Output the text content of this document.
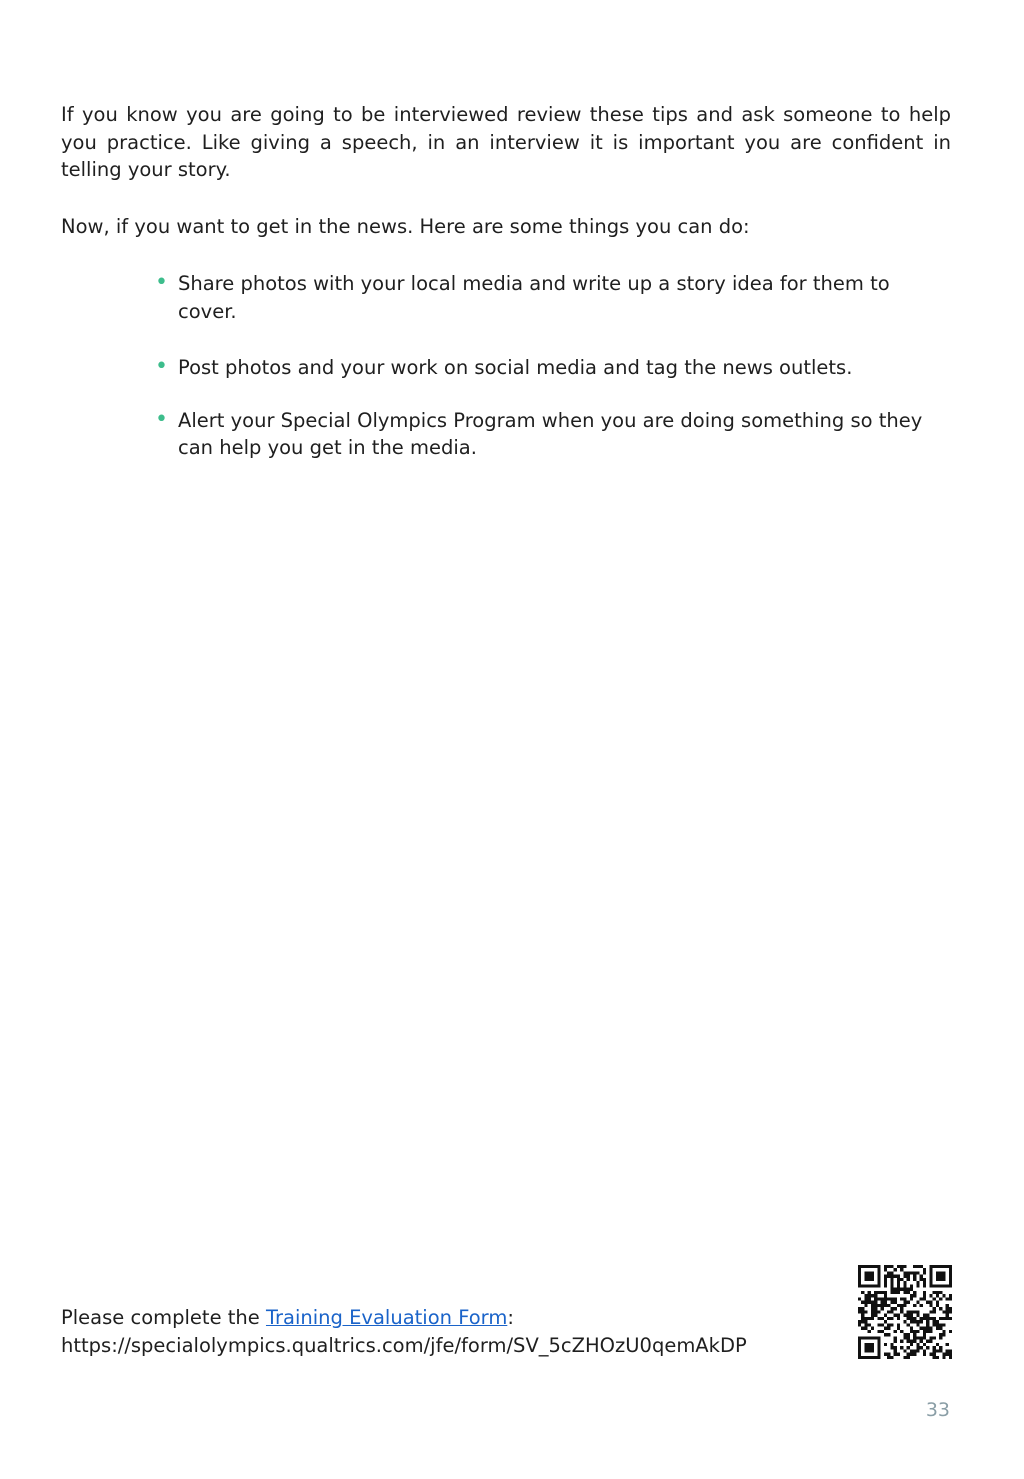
If you know you are going to be interviewed review these tips and ask someone to help you practice. Like giving a speech, in an interview it is important you are confident in telling your story.

Now, if you want to get in the news. Here are some things you can do:

• Share photos with your local media and write up a story idea for them to cover.
• Post photos and your work on social media and tag the news outlets.
• Alert your Special Olympics Program when you are doing something so they can help you get in the media.
Please complete the Training Evaluation Form:
https://specialolympics.qualtrics.com/jfe/form/SV_5cZHOzU0qemAkDP
33
